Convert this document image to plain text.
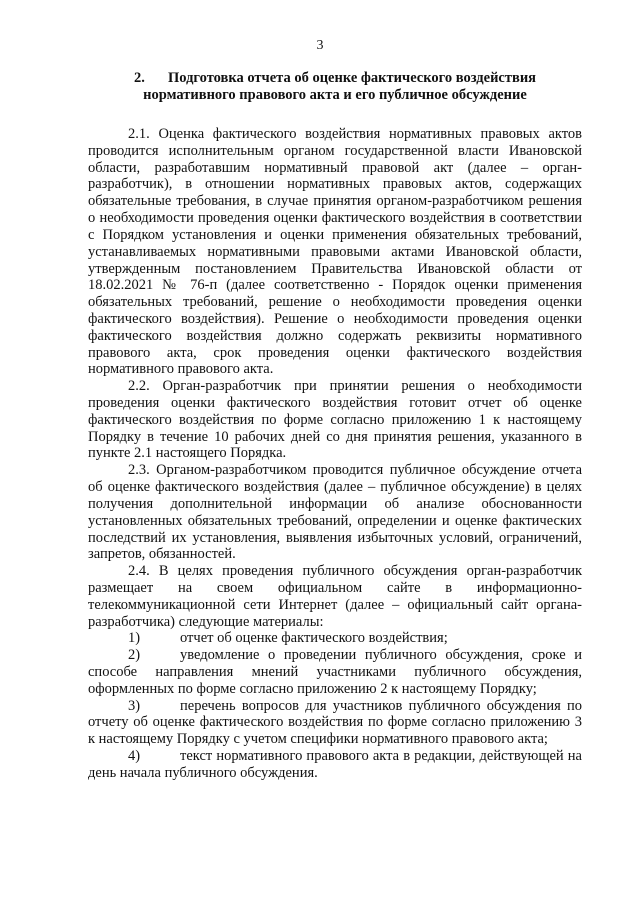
3
2. Подготовка отчета об оценке фактического воздействия нормативного правового акта и его публичное обсуждение

2.1. Оценка фактического воздействия нормативных правовых актов проводится исполнительным органом государственной власти Ивановской области, разработавшим нормативный правовой акт (далее – орган-разработчик), в отношении нормативных правовых актов, содержащих обязательные требования, в случае принятия органом-разработчиком решения о необходимости проведения оценки фактического воздействия в соответствии с Порядком установления и оценки применения обязательных требований, устанавливаемых нормативными правовыми актами Ивановской области, утвержденным постановлением Правительства Ивановской области от 18.02.2021 № 76-п (далее соответственно - Порядок оценки применения обязательных требований, решение о необходимости проведения оценки фактического воздействия). Решение о необходимости проведения оценки фактического воздействия должно содержать реквизиты нормативного правового акта, срок проведения оценки фактического воздействия нормативного правового акта.

2.2. Орган-разработчик при принятии решения о необходимости проведения оценки фактического воздействия готовит отчет об оценке фактического воздействия по форме согласно приложению 1 к настоящему Порядку в течение 10 рабочих дней со дня принятия решения, указанного в пункте 2.1 настоящего Порядка.

2.3. Органом-разработчиком проводится публичное обсуждение отчета об оценке фактического воздействия (далее – публичное обсуждение) в целях получения дополнительной информации об анализе обоснованности установленных обязательных требований, определении и оценке фактических последствий их установления, выявления избыточных условий, ограничений, запретов, обязанностей.

2.4. В целях проведения публичного обсуждения орган-разработчик размещает на своем официальном сайте в информационно-телекоммуникационной сети Интернет (далее – официальный сайт органа-разработчика) следующие материалы:

1)	отчет об оценке фактического воздействия;

2)	уведомление о проведении публичного обсуждения, сроке и способе направления мнений участниками публичного обсуждения, оформленных по форме согласно приложению 2 к настоящему Порядку;

3)	перечень вопросов для участников публичного обсуждения по отчету об оценке фактического воздействия по форме согласно приложению 3 к настоящему Порядку с учетом специфики нормативного правового акта;

4)	текст нормативного правового акта в редакции, действующей на день начала публичного обсуждения.
